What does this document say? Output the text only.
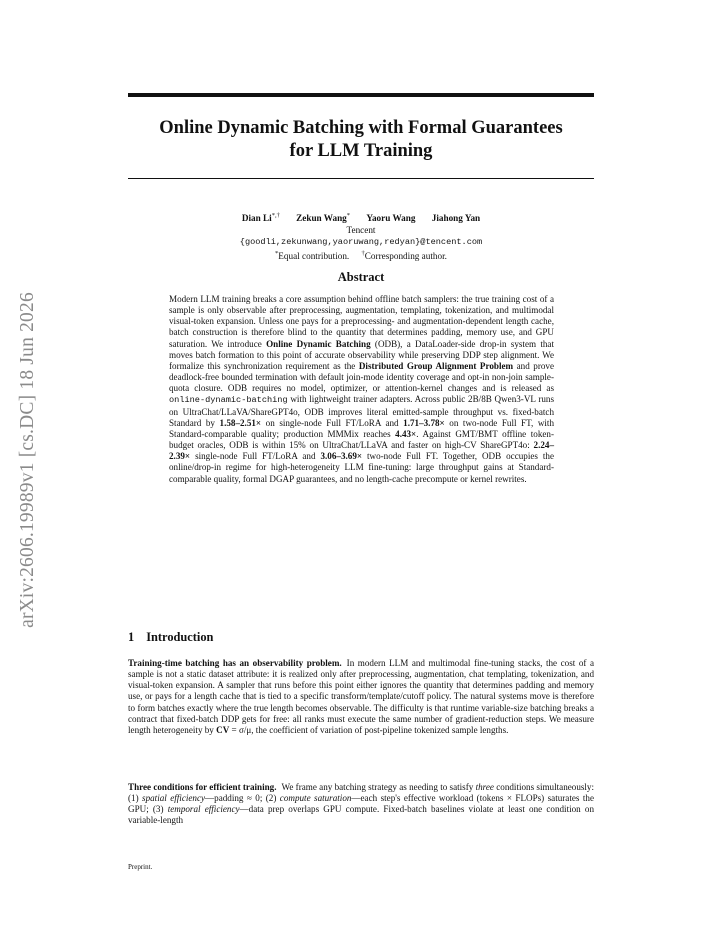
arXiv:2606.19989v1 [cs.DC] 18 Jun 2026
Online Dynamic Batching with Formal Guarantees
for LLM Training
Dian Li*,† Zekun Wang* Yaoru Wang Jiahong Yan
Tencent
{goodli,zekunwang,yaoruwang,redyan}@tencent.com
*Equal contribution. †Corresponding author.
Abstract
Modern LLM training breaks a core assumption behind offline batch samplers: the true training cost of a sample is only observable after preprocessing, augmentation, templating, tokenization, and multimodal visual-token expansion. Unless one pays for a preprocessing- and augmentation-dependent length cache, batch construction is therefore blind to the quantity that determines padding, memory use, and GPU saturation. We introduce Online Dynamic Batching (ODB), a DataLoader-side drop-in system that moves batch formation to this point of accurate observability while preserving DDP step alignment. We formalize this synchronization requirement as the Distributed Group Alignment Problem and prove deadlock-free bounded termination with default join-mode identity coverage and opt-in non-join sample-quota closure. ODB requires no model, optimizer, or attention-kernel changes and is released as online-dynamic-batching with lightweight trainer adapters. Across public 2B/8B Qwen3-VL runs on UltraChat/LLaVA/ShareGPT4o, ODB improves literal emitted-sample throughput vs. fixed-batch Standard by 1.58–2.51× on single-node Full FT/LoRA and 1.71–3.78× on two-node Full FT, with Standard-comparable quality; production MMMix reaches 4.43×. Against GMT/BMT offline token-budget oracles, ODB is within 15% on UltraChat/LLaVA and faster on high-CV ShareGPT4o: 2.24–2.39× single-node Full FT/LoRA and 3.06–3.69× two-node Full FT. Together, ODB occupies the online/drop-in regime for high-heterogeneity LLM fine-tuning: large throughput gains at Standard-comparable quality, formal DGAP guarantees, and no length-cache precompute or kernel rewrites.
1 Introduction
Training-time batching has an observability problem. In modern LLM and multimodal fine-tuning stacks, the cost of a sample is not a static dataset attribute: it is realized only after preprocessing, augmentation, chat templating, tokenization, and visual-token expansion. A sampler that runs before this point either ignores the quantity that determines padding and memory use, or pays for a length cache that is tied to a specific transform/template/cutoff policy. The natural systems move is therefore to form batches exactly where the true length becomes observable. The difficulty is that runtime variable-size batching breaks a contract that fixed-batch DDP gets for free: all ranks must execute the same number of gradient-reduction steps. We measure length heterogeneity by CV = σ/μ, the coefficient of variation of post-pipeline tokenized sample lengths.
Three conditions for efficient training. We frame any batching strategy as needing to satisfy three conditions simultaneously: (1) spatial efficiency—padding ≈ 0; (2) compute saturation—each step's effective workload (tokens × FLOPs) saturates the GPU; (3) temporal efficiency—data prep overlaps GPU compute. Fixed-batch baselines violate at least one condition on variable-length
Preprint.
